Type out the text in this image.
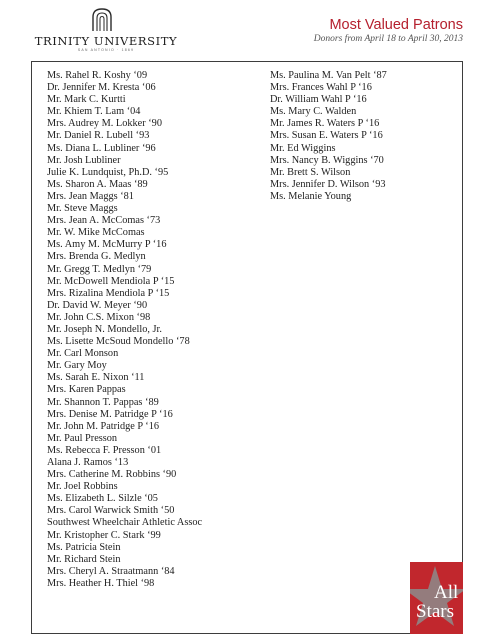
TRINITY UNIVERSITY
SAN ANTONIO · 1869
Most Valued Patrons
Donors from April 18 to April 30, 2013
Ms. Rahel R. Koshy ‘09
Dr. Jennifer M. Kresta ‘06
Mr. Mark C. Kurtti
Mr. Khiem T. Lam ‘04
Mrs. Audrey M. Lokker ‘90
Mr. Daniel R. Lubell ‘93
Ms. Diana L. Lubliner ‘96
Mr. Josh Lubliner
Julie K. Lundquist, Ph.D. ‘95
Ms. Sharon A. Maas ‘89
Mrs. Jean Maggs ‘81
Mr. Steve Maggs
Mrs. Jean A. McComas ‘73
Mr. W. Mike McComas
Ms. Amy M. McMurry P ‘16
Mrs. Brenda G. Medlyn
Mr. Gregg T. Medlyn ‘79
Mr. McDowell Mendiola P ‘15
Mrs. Rizalina Mendiola P ‘15
Dr. David W. Meyer ‘90
Mr. John C.S. Mixon ‘98
Mr. Joseph N. Mondello, Jr.
Ms. Lisette McSoud Mondello ‘78
Mr. Carl Monson
Mr. Gary Moy
Ms. Sarah E. Nixon ‘11
Mrs. Karen Pappas
Mr. Shannon T. Pappas ‘89
Mrs. Denise M. Patridge P ‘16
Mr. John M. Patridge P ‘16
Mr. Paul Presson
Ms. Rebecca F. Presson ‘01
Alana J. Ramos ‘13
Mrs. Catherine M. Robbins ‘90
Mr. Joel Robbins
Ms. Elizabeth L. Silzle ‘05
Mrs. Carol Warwick Smith ‘50
Southwest Wheelchair Athletic Assoc
Mr. Kristopher C. Stark ‘99
Ms. Patricia Stein
Mr. Richard Stein
Mrs. Cheryl A. Straatmann ‘84
Mrs. Heather H. Thiel ‘98
Ms. Paulina M. Van Pelt ‘87
Mrs. Frances Wahl P ‘16
Dr. William Wahl P ‘16
Ms. Mary C. Walden
Mr. James R. Waters P ‘16
Mrs. Susan E. Waters P ‘16
Mr. Ed Wiggins
Mrs. Nancy B. Wiggins ‘70
Mr. Brett S. Wilson
Mrs. Jennifer D. Wilson ‘93
Ms. Melanie Young
All
Stars
